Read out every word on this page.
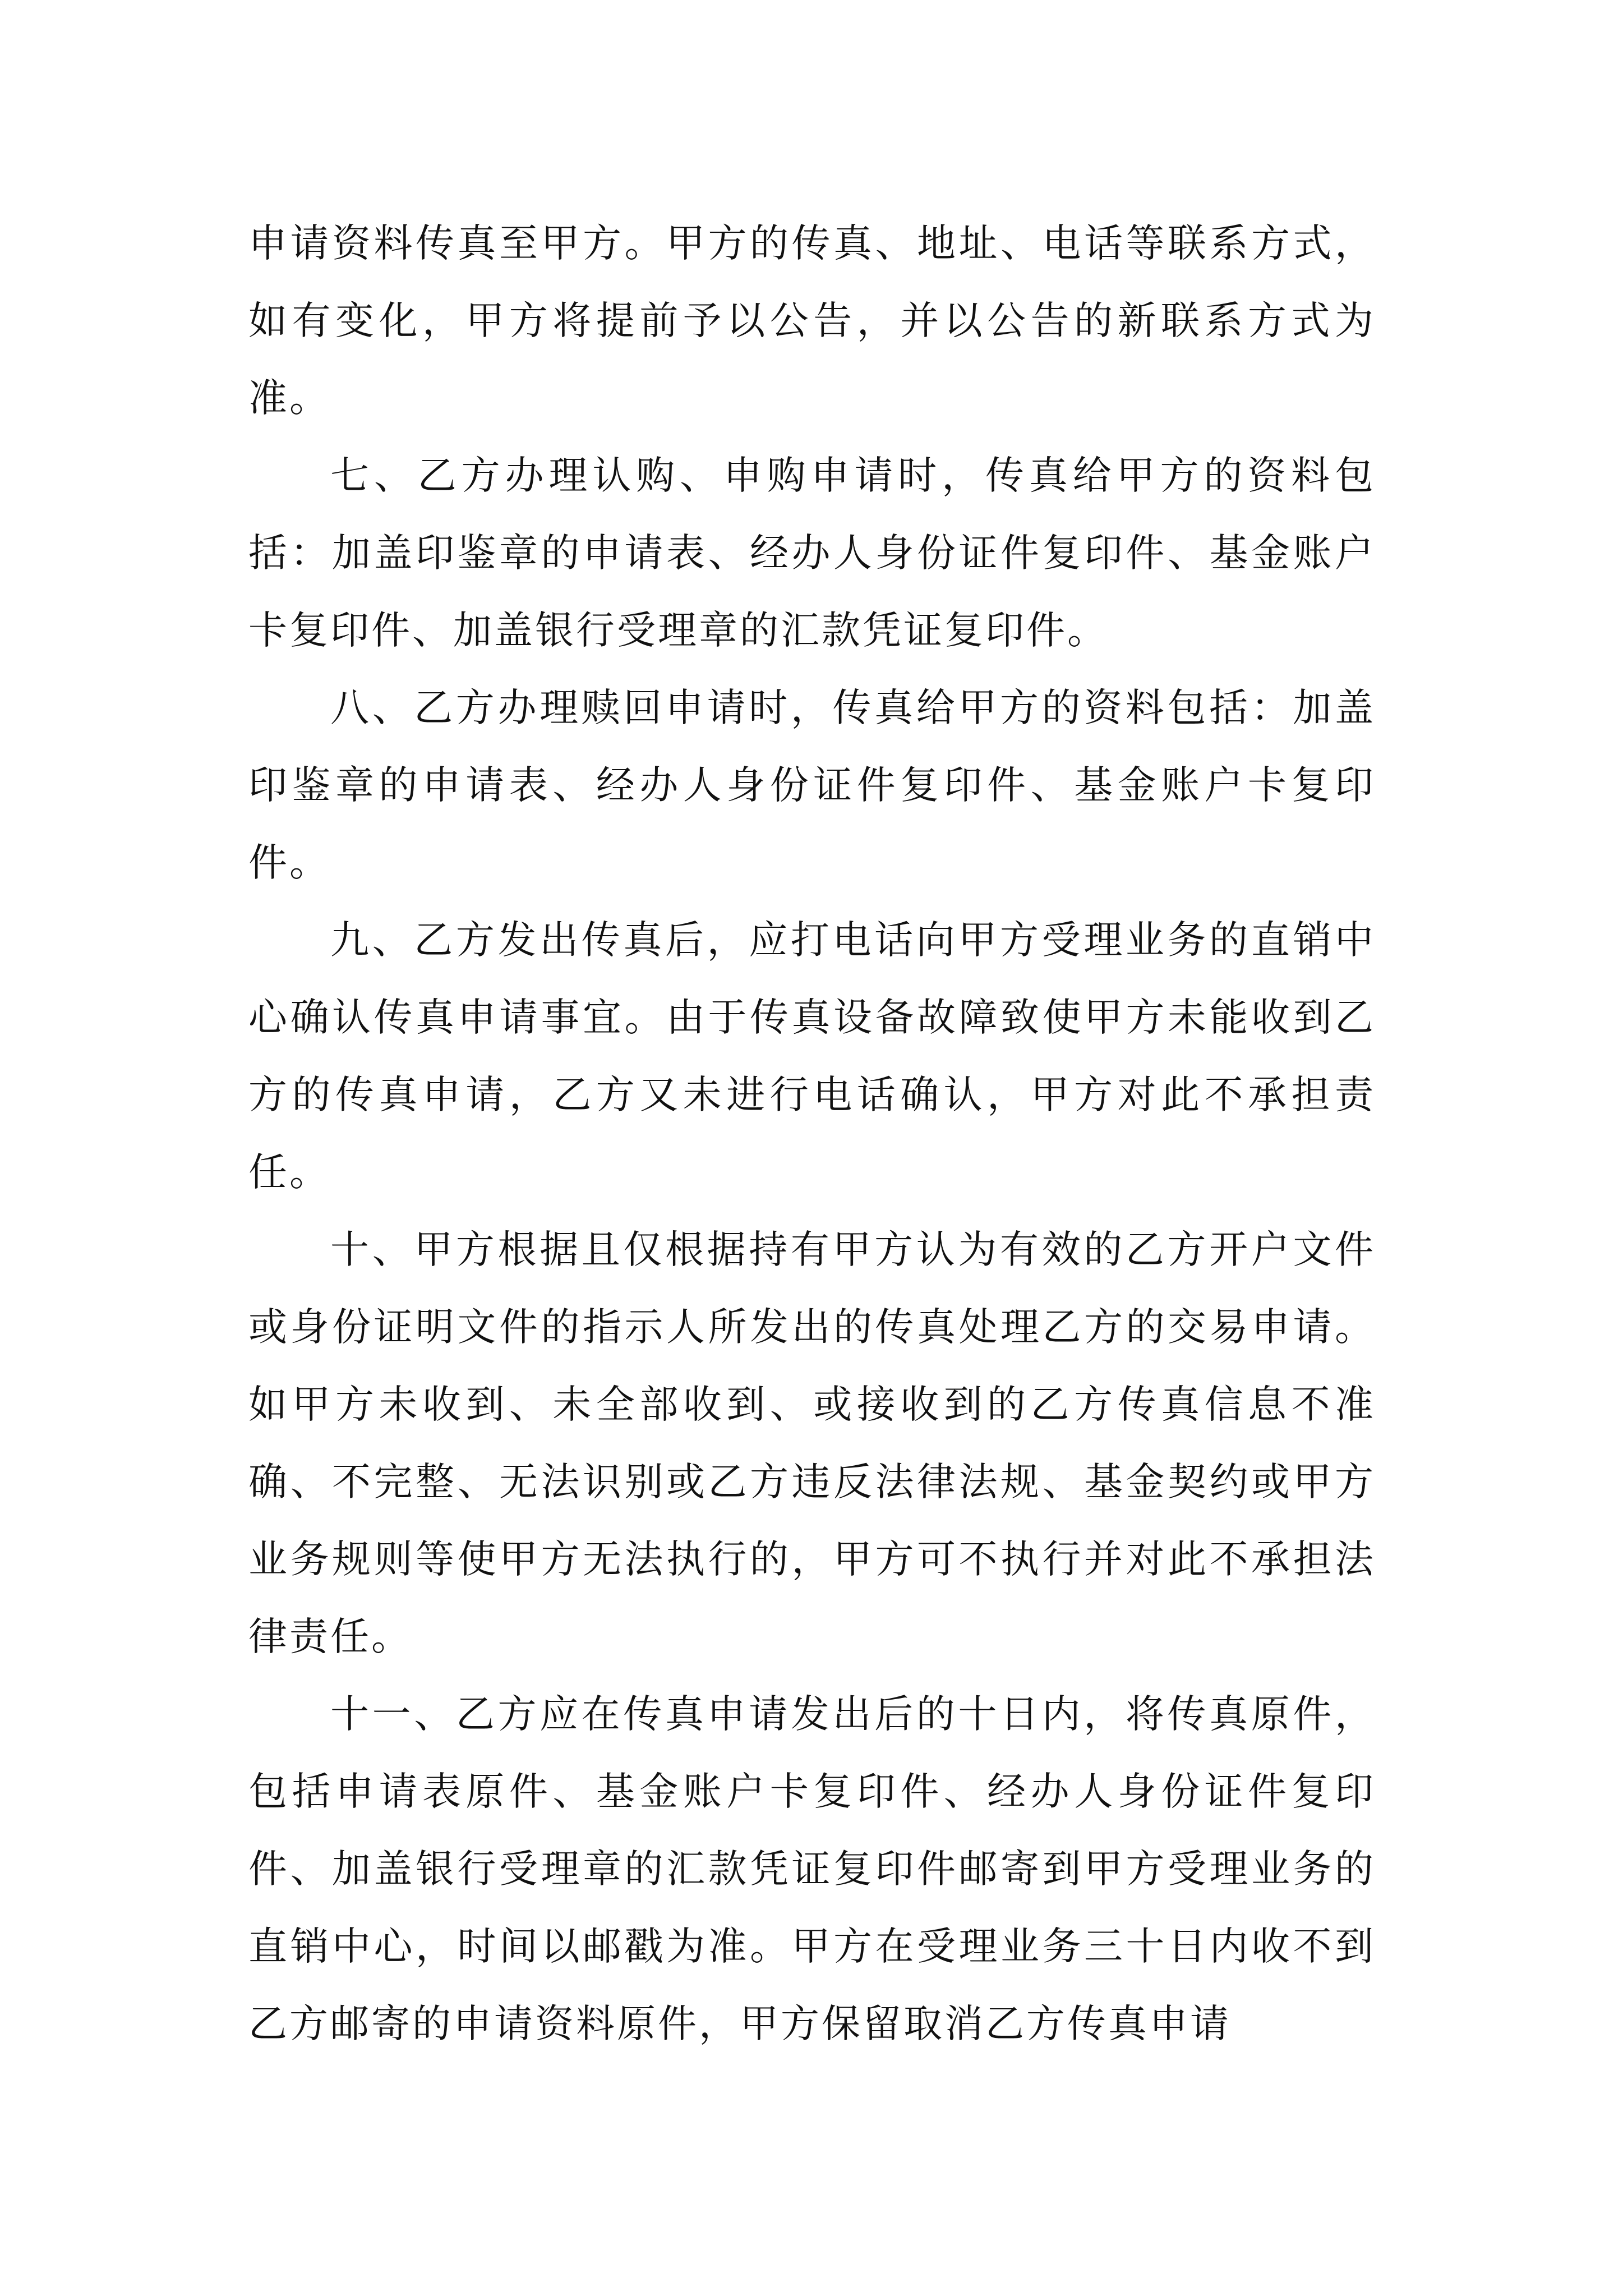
申请资料传真至甲方。甲方的传真、地址、电话等联系方式，如有变化，甲方将提前予以公告，并以公告的新联系方式为准。

七、乙方办理认购、申购申请时，传真给甲方的资料包括：加盖印鉴章的申请表、经办人身份证件复印件、基金账户卡复印件、加盖银行受理章的汇款凭证复印件。

八、乙方办理赎回申请时，传真给甲方的资料包括：加盖印鉴章的申请表、经办人身份证件复印件、基金账户卡复印件。

九、乙方发出传真后，应打电话向甲方受理业务的直销中心确认传真申请事宜。由于传真设备故障致使甲方未能收到乙方的传真申请，乙方又未进行电话确认，甲方对此不承担责任。

十、甲方根据且仅根据持有甲方认为有效的乙方开户文件或身份证明文件的指示人所发出的传真处理乙方的交易申请。如甲方未收到、未全部收到、或接收到的乙方传真信息不准确、不完整、无法识别或乙方违反法律法规、基金契约或甲方业务规则等使甲方无法执行的，甲方可不执行并对此不承担法律责任。

十一、乙方应在传真申请发出后的十日内，将传真原件，包括申请表原件、基金账户卡复印件、经办人身份证件复印件、加盖银行受理章的汇款凭证复印件邮寄到甲方受理业务的直销中心，时间以邮戳为准。甲方在受理业务三十日内收不到乙方邮寄的申请资料原件，甲方保留取消乙方传真申请
